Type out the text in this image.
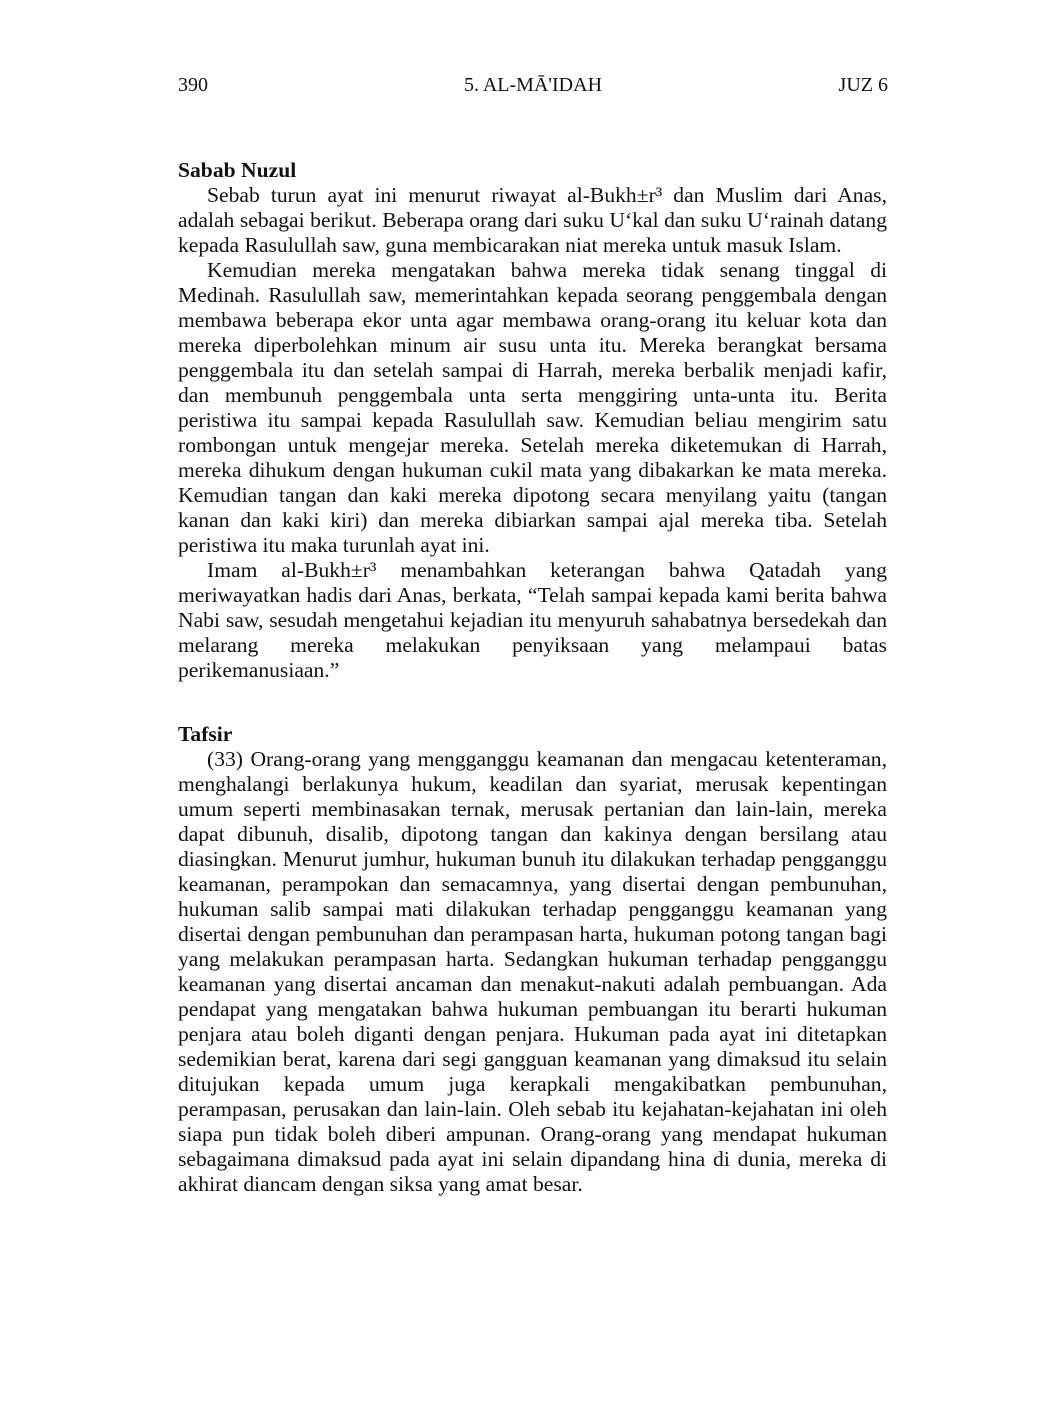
390	5. AL-MĀ'IDAH	JUZ 6
Sabab Nuzul

Sebab turun ayat ini menurut riwayat al-Bukh±r³ dan Muslim dari Anas, adalah sebagai berikut. Beberapa orang dari suku U‘kal dan suku U‘rainah datang kepada Rasulullah saw, guna membicarakan niat mereka untuk masuk Islam.

Kemudian mereka mengatakan bahwa mereka tidak senang tinggal di Medinah. Rasulullah saw, memerintahkan kepada seorang penggembala dengan membawa beberapa ekor unta agar membawa orang-orang itu keluar kota dan mereka diperbolehkan minum air susu unta itu. Mereka berangkat bersama penggembala itu dan setelah sampai di Harrah, mereka berbalik menjadi kafir, dan membunuh penggembala unta serta menggiring unta-unta itu. Berita peristiwa itu sampai kepada Rasulullah saw. Kemudian beliau mengirim satu rombongan untuk mengejar mereka. Setelah mereka diketemukan di Harrah, mereka dihukum dengan hukuman cukil mata yang dibakarkan ke mata mereka. Kemudian tangan dan kaki mereka dipotong secara menyilang yaitu (tangan kanan dan kaki kiri) dan mereka dibiarkan sampai ajal mereka tiba. Setelah peristiwa itu maka turunlah ayat ini.

Imam al-Bukh±r³ menambahkan keterangan bahwa Qatadah yang meriwayatkan hadis dari Anas, berkata, “Telah sampai kepada kami berita bahwa Nabi saw, sesudah mengetahui kejadian itu menyuruh sahabatnya bersedekah dan melarang mereka melakukan penyiksaan yang melampaui batas perikemanusiaan.”

Tafsir

(33) Orang-orang yang mengganggu keamanan dan mengacau ketenteraman, menghalangi berlakunya hukum, keadilan dan syariat, merusak kepentingan umum seperti membinasakan ternak, merusak pertanian dan lain-lain, mereka dapat dibunuh, disalib, dipotong tangan dan kakinya dengan bersilang atau diasingkan. Menurut jumhur, hukuman bunuh itu dilakukan terhadap pengganggu keamanan, perampokan dan semacamnya, yang disertai dengan pembunuhan, hukuman salib sampai mati dilakukan terhadap pengganggu keamanan yang disertai dengan pembunuhan dan perampasan harta, hukuman potong tangan bagi yang melakukan perampasan harta. Sedangkan hukuman terhadap pengganggu keamanan yang disertai ancaman dan menakut-nakuti adalah pembuangan. Ada pendapat yang mengatakan bahwa hukuman pembuangan itu berarti hukuman penjara atau boleh diganti dengan penjara. Hukuman pada ayat ini ditetapkan sedemikian berat, karena dari segi gangguan keamanan yang dimaksud itu selain ditujukan kepada umum juga kerapkali mengakibatkan pembunuhan, perampasan, perusakan dan lain-lain. Oleh sebab itu kejahatan-kejahatan ini oleh siapa pun tidak boleh diberi ampunan. Orang-orang yang mendapat hukuman sebagaimana dimaksud pada ayat ini selain dipandang hina di dunia, mereka di akhirat diancam dengan siksa yang amat besar.
